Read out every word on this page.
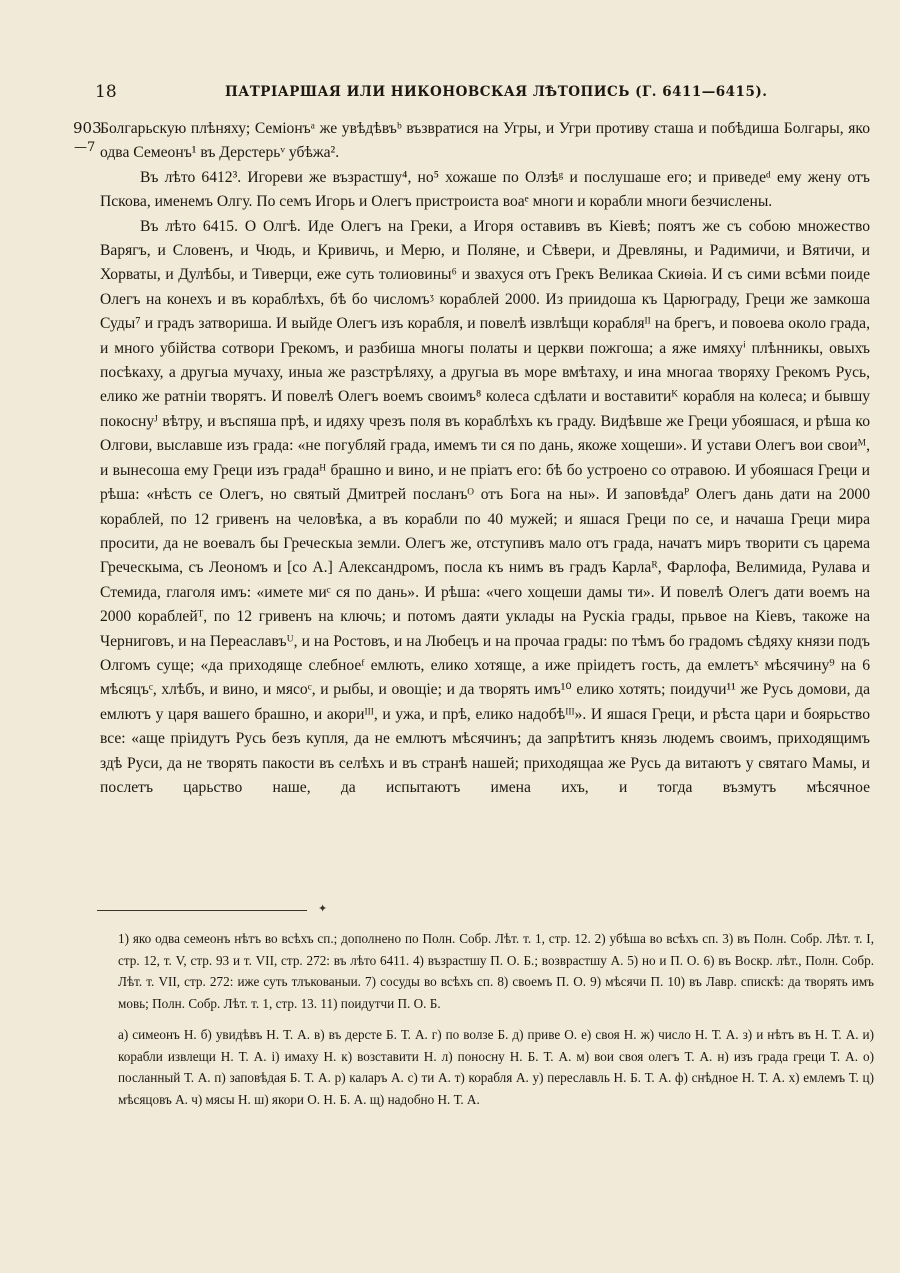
18	ПАТРІАРШАЯ ИЛИ НИКОНОВСКАЯ ЛѢТОПИСЬ (Г. 6411—6415).
903
—7

Болгарьскую плѣняху; Семіонъᵃ же увѣдѣвъᵇ възвратися на Угры, и Угри противу сташа и побѣдиша Болгары, яко одва Семеонъ¹ въ Дерстерьᵛ убѣжа².

Въ лѣто 6412³. Игореви же възрастшу⁴, но⁵ хожаше по Олзѣᵍ и послушаше его; и приведеᵈ ему жену отъ Пскова, именемъ Олгу. По семъ Игорь и Олегъ пристроиста воаᵉ многи и корабли многи безчислены.

Въ лѣто 6415. О Олгѣ. Иде Олегъ на Греки, а Игоря оставивъ въ Кіевѣ; поятъ же съ собою множество Варягъ, и Словенъ, и Чюдь, и Кривичь, и Мерю, и Поляне, и Сѣвери, и Древляны, и Радимичи, и Вятичи, и Хорваты, и Дулѣбы, и Тиверци, еже суть толиовины⁶ и звахуся отъ Грекъ Великаа Скиѳіа. И съ сими всѣми поиде Олегъ на конехъ и въ кораблѣхъ, бѣ бо числомъᶾ кораблей 2000. Из приидоша къ Царюграду, Греци же замкоша Суды⁷ и градъ затвориша. И выйде Олегъ изъ корабля, и повелѣ извлѣщи корабляᴵᴵ на брегъ, и повоева около града, и много убійства сотвори Грекомъ, и разбиша многы полаты и церкви пожгоша; а яже имяхуⁱ плѣнникы, овыхъ посѣкаху, а другыа мучаху, иныа же разстрѣляху, а другыа въ море вмѣтаху, и ина многаа творяху Грекомъ Русь, елико же ратніи творятъ. И повелѣ Олегъ воемъ своимъ⁸ колеса сдѣлати и воставитиᴷ корабля на колеса; и бывшу покоснуᴶ вѣтру, и въспяша прѣ, и идяху чрезъ поля въ кораблѣхъ къ граду. Видѣвше же Греци убояшася, и рѣша ко Олгови, выславше изъ града: «не погубляй града, имемъ ти ся по дань, якоже хощеши». И устави Олегъ вои своиᴹ, и вынесоша ему Греци изъ градаᴴ брашно и вино, и не пріатъ его: бѣ бо устроено со отравою. И убояшася Греци и рѣша: «нѣсть се Олегъ, но святый Дмитрей посланъᴼ отъ Бога на ны». И заповѣдаᴾ Олегъ дань дати на 2000 кораблей, по 12 гривенъ на человѣка, а въ корабли по 40 мужей; и яшася Греци по се, и начаша Греци мира просити, да не воевалъ бы Греческыа земли. Олегъ же, отступивъ мало отъ града, начатъ миръ творити съ царема Греческыма, съ Леономъ и [со А.] Александромъ, посла къ нимъ въ градъ Карлаᴿ, Фарлофа, Велимида, Рулава и Стемида, глаголя имъ: «имете миᶜ ся по дань». И рѣша: «чего хощеши дамы ти». И повелѣ Олегъ дати воемъ на 2000 кораблейᵀ, по 12 гривенъ на ключь; и потомъ даяти уклады на Рускіа грады, прьвое на Кіевъ, такоже на Черниговъ, и на Переаславъᵁ, и на Ростовъ, и на Любецъ и на прочаа грады: по тѣмъ бо градомъ сѣдяху князи подъ Олгомъ суще; «да приходяще слебноеᶠ емлють, елико хотяще, а иже пріидетъ гость, да емлетъˣ мѣсячину⁹ на 6 мѣсяцъᶜ, хлѣбъ, и вино, и мясоᶜ, и рыбы, и овощіе; и да творять имъ¹⁰ елико хотять; поидучи¹¹ же Русь домови, да емлютъ у царя вашего брашно, и акориᴵᴵᴵ, и ужа, и прѣ, елико надобѣᴵᴵᴵ». И яшася Греци, и рѣста цари и боярьство все: «аще пріидутъ Русь безъ купля, да не емлютъ мѣсячинъ; да запрѣтитъ князь людемъ своимъ, приходящимъ здѣ Руси, да не творять пакости въ селѣхъ и въ странѣ нашей; приходящаа же Русь да витаютъ у святаго Мамы, и послетъ царьство наше, да испытаютъ имена ихъ, и тогда възмутъ мѣсячное

✦

1) яко одва семеонъ нѣтъ во всѣхъ сп.; дополнено по Полн. Собр. Лѣт. т. 1, стр. 12. 2) убѣша во всѣхъ сп. 3) въ Полн. Собр. Лѣт. т. I, стр. 12, т. V, стр. 93 и т. VII, стр. 272: въ лѣто 6411. 4) възрастшу П. О. Б.; возврастшу А. 5) но и П. О. 6) въ Воскр. лѣт., Полн. Собр. Лѣт. т. VII, стр. 272: иже суть тлъкованыи. 7) сосуды во всѣхъ сп. 8) своемъ П. О. 9) мѣсячи П. 10) въ Лавр. спискѣ: да творять имъ мовь; Полн. Собр. Лѣт. т. 1, стр. 13. 11) поидутчи П. О. Б.

а) симеонъ Н. б) увидѣвъ Н. Т. А. в) въ дерсте Б. Т. А. г) по волзе Б. д) приве О. е) своя Н. ж) число Н. Т. А. з) и нѣтъ въ Н. Т. А. и) корабли извлещи Н. Т. А. і) имаху Н. к) возставити Н. л) поносну Н. Б. Т. А. м) вои своя олегъ Т. А. н) изъ града греци Т. А. о) посланный Т. А. п) заповѣдая Б. Т. А. р) каларъ А. с) ти А. т) корабля А. у) переславль Н. Б. Т. А. ф) снѣдное Н. Т. А. х) емлемъ Т. ц) мѣсяцовъ А. ч) мясы Н. ш) якори О. Н. Б. А. щ) надобно Н. Т. А.
